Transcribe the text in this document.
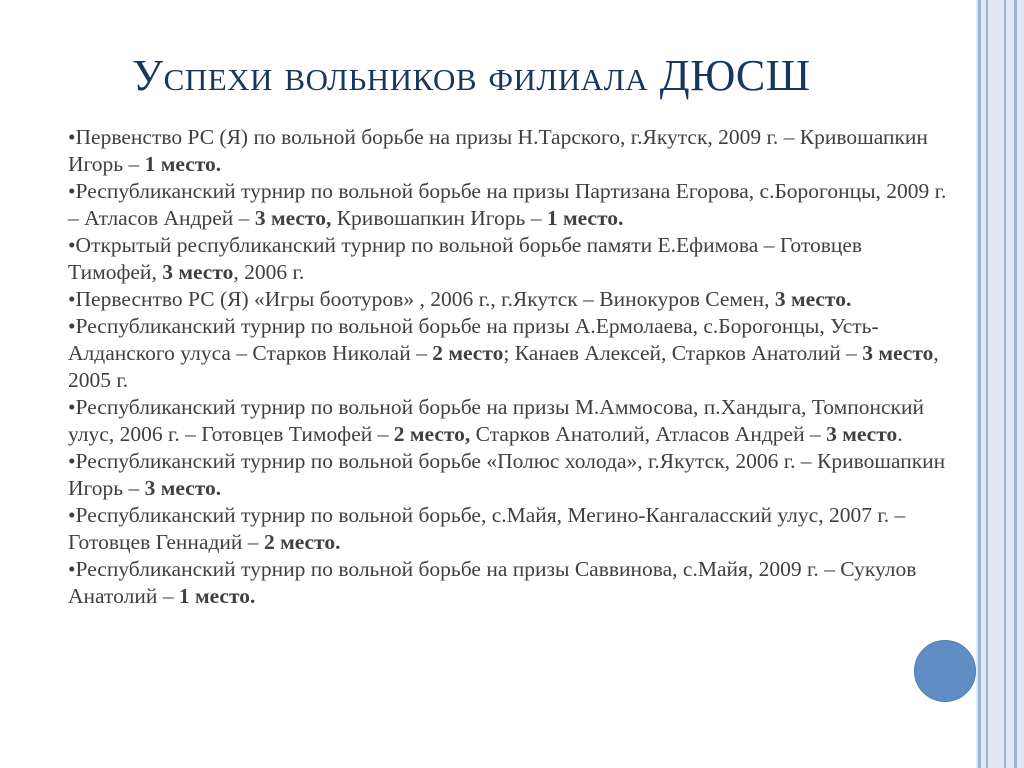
Успехи вольников филиала ДЮСШ

•Первенство РС (Я) по вольной борьбе на призы Н.Тарского, г.Якутск, 2009 г. – Кривошапкин Игорь – 1 место.

•Республиканский турнир по вольной борьбе на призы Партизана Егорова, с.Борогонцы, 2009 г. – Атласов Андрей – 3 место, Кривошапкин Игорь – 1 место.

•Открытый республиканский турнир по вольной борьбе памяти Е.Ефимова – Готовцев Тимофей, 3 место, 2006 г.

•Первеснтво РС (Я) «Игры боотуров» , 2006 г., г.Якутск – Винокуров Семен, 3 место.

•Республиканский турнир по вольной борьбе на призы А.Ермолаева, с.Борогонцы, Усть-Алданского улуса – Старков Николай – 2 место; Канаев Алексей, Старков Анатолий – 3 место, 2005 г.

•Республиканский турнир по вольной борьбе на призы М.Аммосова, п.Хандыга, Томпонский улус, 2006 г. – Готовцев Тимофей – 2 место, Старков Анатолий, Атласов Андрей – 3 место.

•Республиканский турнир по вольной борьбе «Полюс холода», г.Якутск, 2006 г. – Кривошапкин Игорь – 3 место.

•Республиканский турнир по вольной борьбе, с.Майя, Мегино-Кангаласский улус, 2007 г. – Готовцев Геннадий – 2 место.

•Республиканский турнир по вольной борьбе на призы Саввинова, с.Майя, 2009 г. – Сукулов Анатолий – 1 место.
